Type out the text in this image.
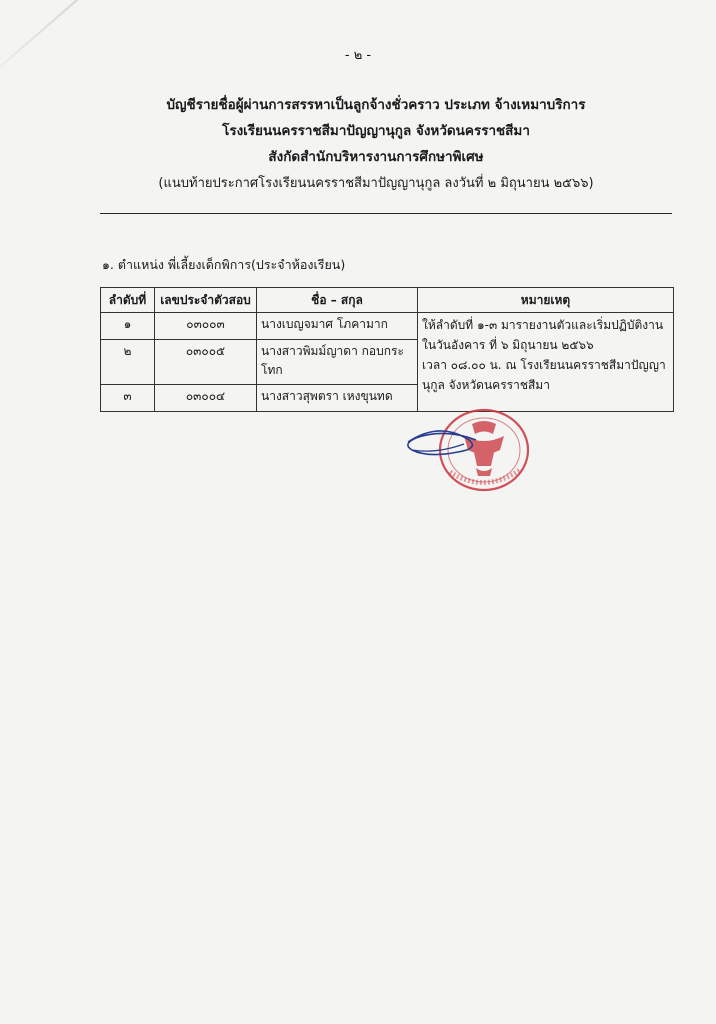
- ๒ -
บัญชีรายชื่อผู้ผ่านการสรรหาเป็นลูกจ้างชั่วคราว ประเภท จ้างเหมาบริการ
โรงเรียนนครราชสีมาปัญญานุกูล จังหวัดนครราชสีมา
สังกัดสำนักบริหารงานการศึกษาพิเศษ
(แนบท้ายประกาศโรงเรียนนครราชสีมาปัญญานุกูล ลงวันที่ ๒ มิถุนายน ๒๕๖๖)
๑. ตำแหน่ง พี่เลี้ยงเด็กพิการ(ประจำห้องเรียน)
ลำดับที่	เลขประจำตัวสอบ	ชื่อ – สกุล	หมายเหตุ
๑	๐๓๐๐๓	นางเบญจมาศ โภคามาก	ให้ลำดับที่ ๑-๓ มารายงานตัวและเริ่มปฏิบัติงาน
ในวันอังคาร ที่ ๖ มิถุนายน ๒๕๖๖
เวลา ๐๘.๐๐ น. ณ โรงเรียนนครราชสีมาปัญญา
นุกูล จังหวัดนครราชสีมา

๒	๐๓๐๐๕	นางสาวพิมม์ญาดา กอบกระโทก	
๓	๐๓๐๐๔	นางสาวสุพตรา เหงขุนทด	
